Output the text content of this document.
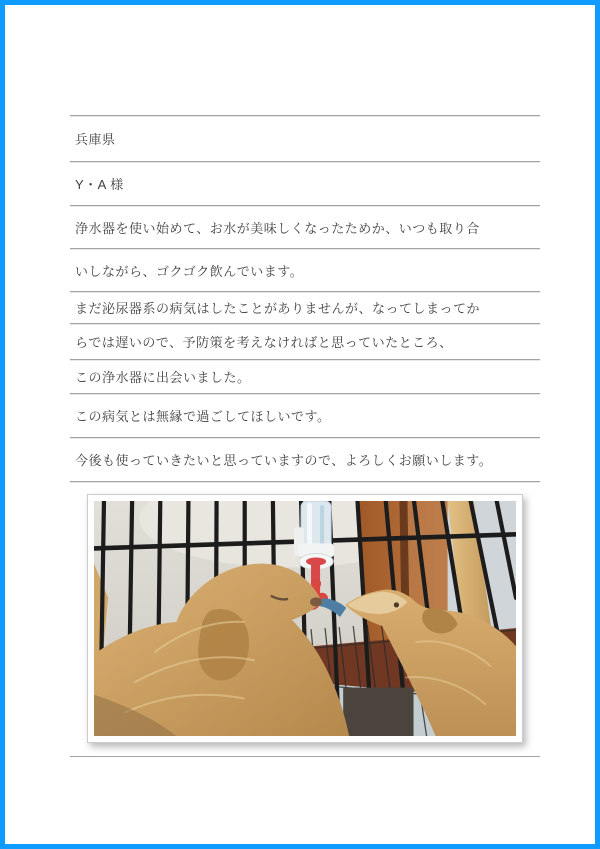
兵庫県
Y・A 様
浄水器を使い始めて、お水が美味しくなったためか、いつも取り合
いしながら、ゴクゴク飲んでいます。
まだ泌尿器系の病気はしたことがありませんが、なってしまってか
らでは遅いので、予防策を考えなければと思っていたところ、
この浄水器に出会いました。
この病気とは無縁で過ごしてほしいです。
今後も使っていきたいと思っていますので、よろしくお願いします。
